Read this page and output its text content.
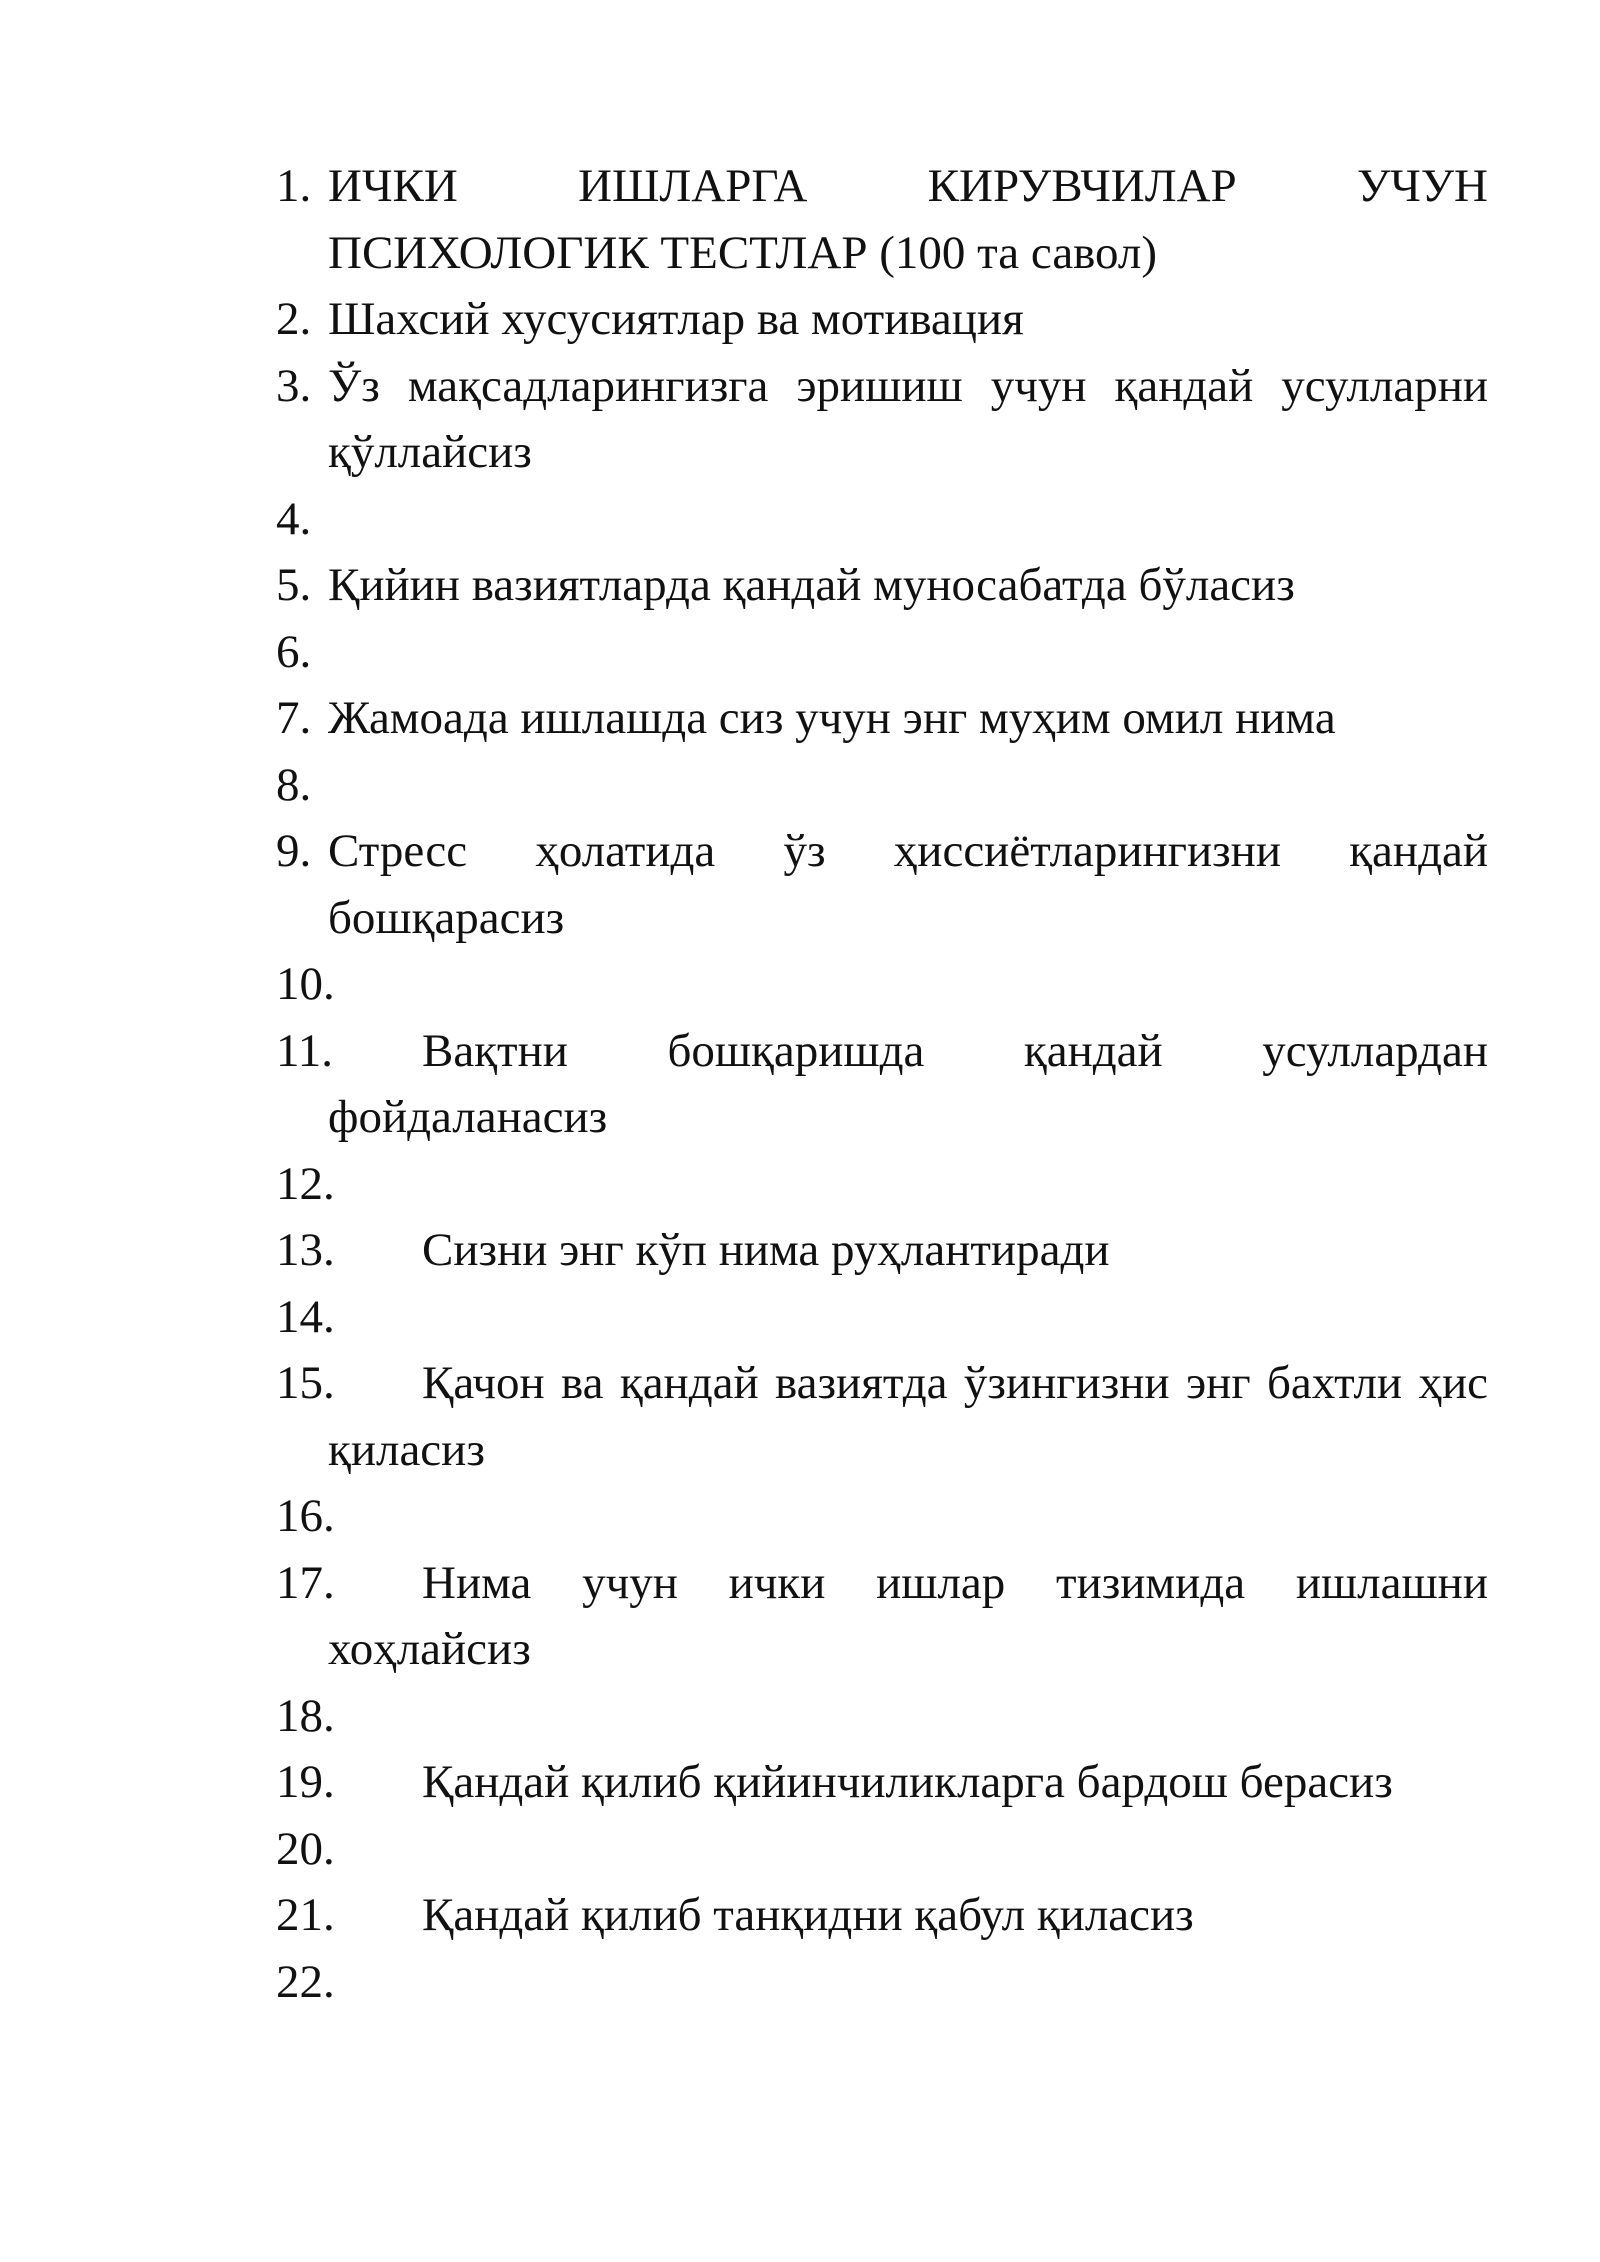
1. ИЧКИ ИШЛАРГА КИРУВЧИЛАР УЧУН ПСИХОЛОГИК ТЕСТЛАР (100 та савол)
2. Шахсий хусусиятлар ва мотивация
3. Ўз мақсадларингизга эришиш учун қандай усулларни қўллайсиз
4.
5. Қийин вазиятларда қандай муносабатда бўласиз
6.
7. Жамоада ишлашда сиз учун энг муҳим омил нима
8.
9. Стресс ҳолатида ўз ҳиссиётларингизни қандай бошқарасиз
10.
11. Вақтни бошқаришда қандай усуллардан фойдаланасиз
12.
13. Сизни энг кўп нима руҳлантиради
14.
15. Қачон ва қандай вазиятда ўзингизни энг бахтли ҳис қиласиз
16.
17. Нима учун ички ишлар тизимида ишлашни хоҳлайсиз
18.
19. Қандай қилиб қийинчиликларга бардош берасиз
20.
21. Қандай қилиб танқидни қабул қиласиз
22.
